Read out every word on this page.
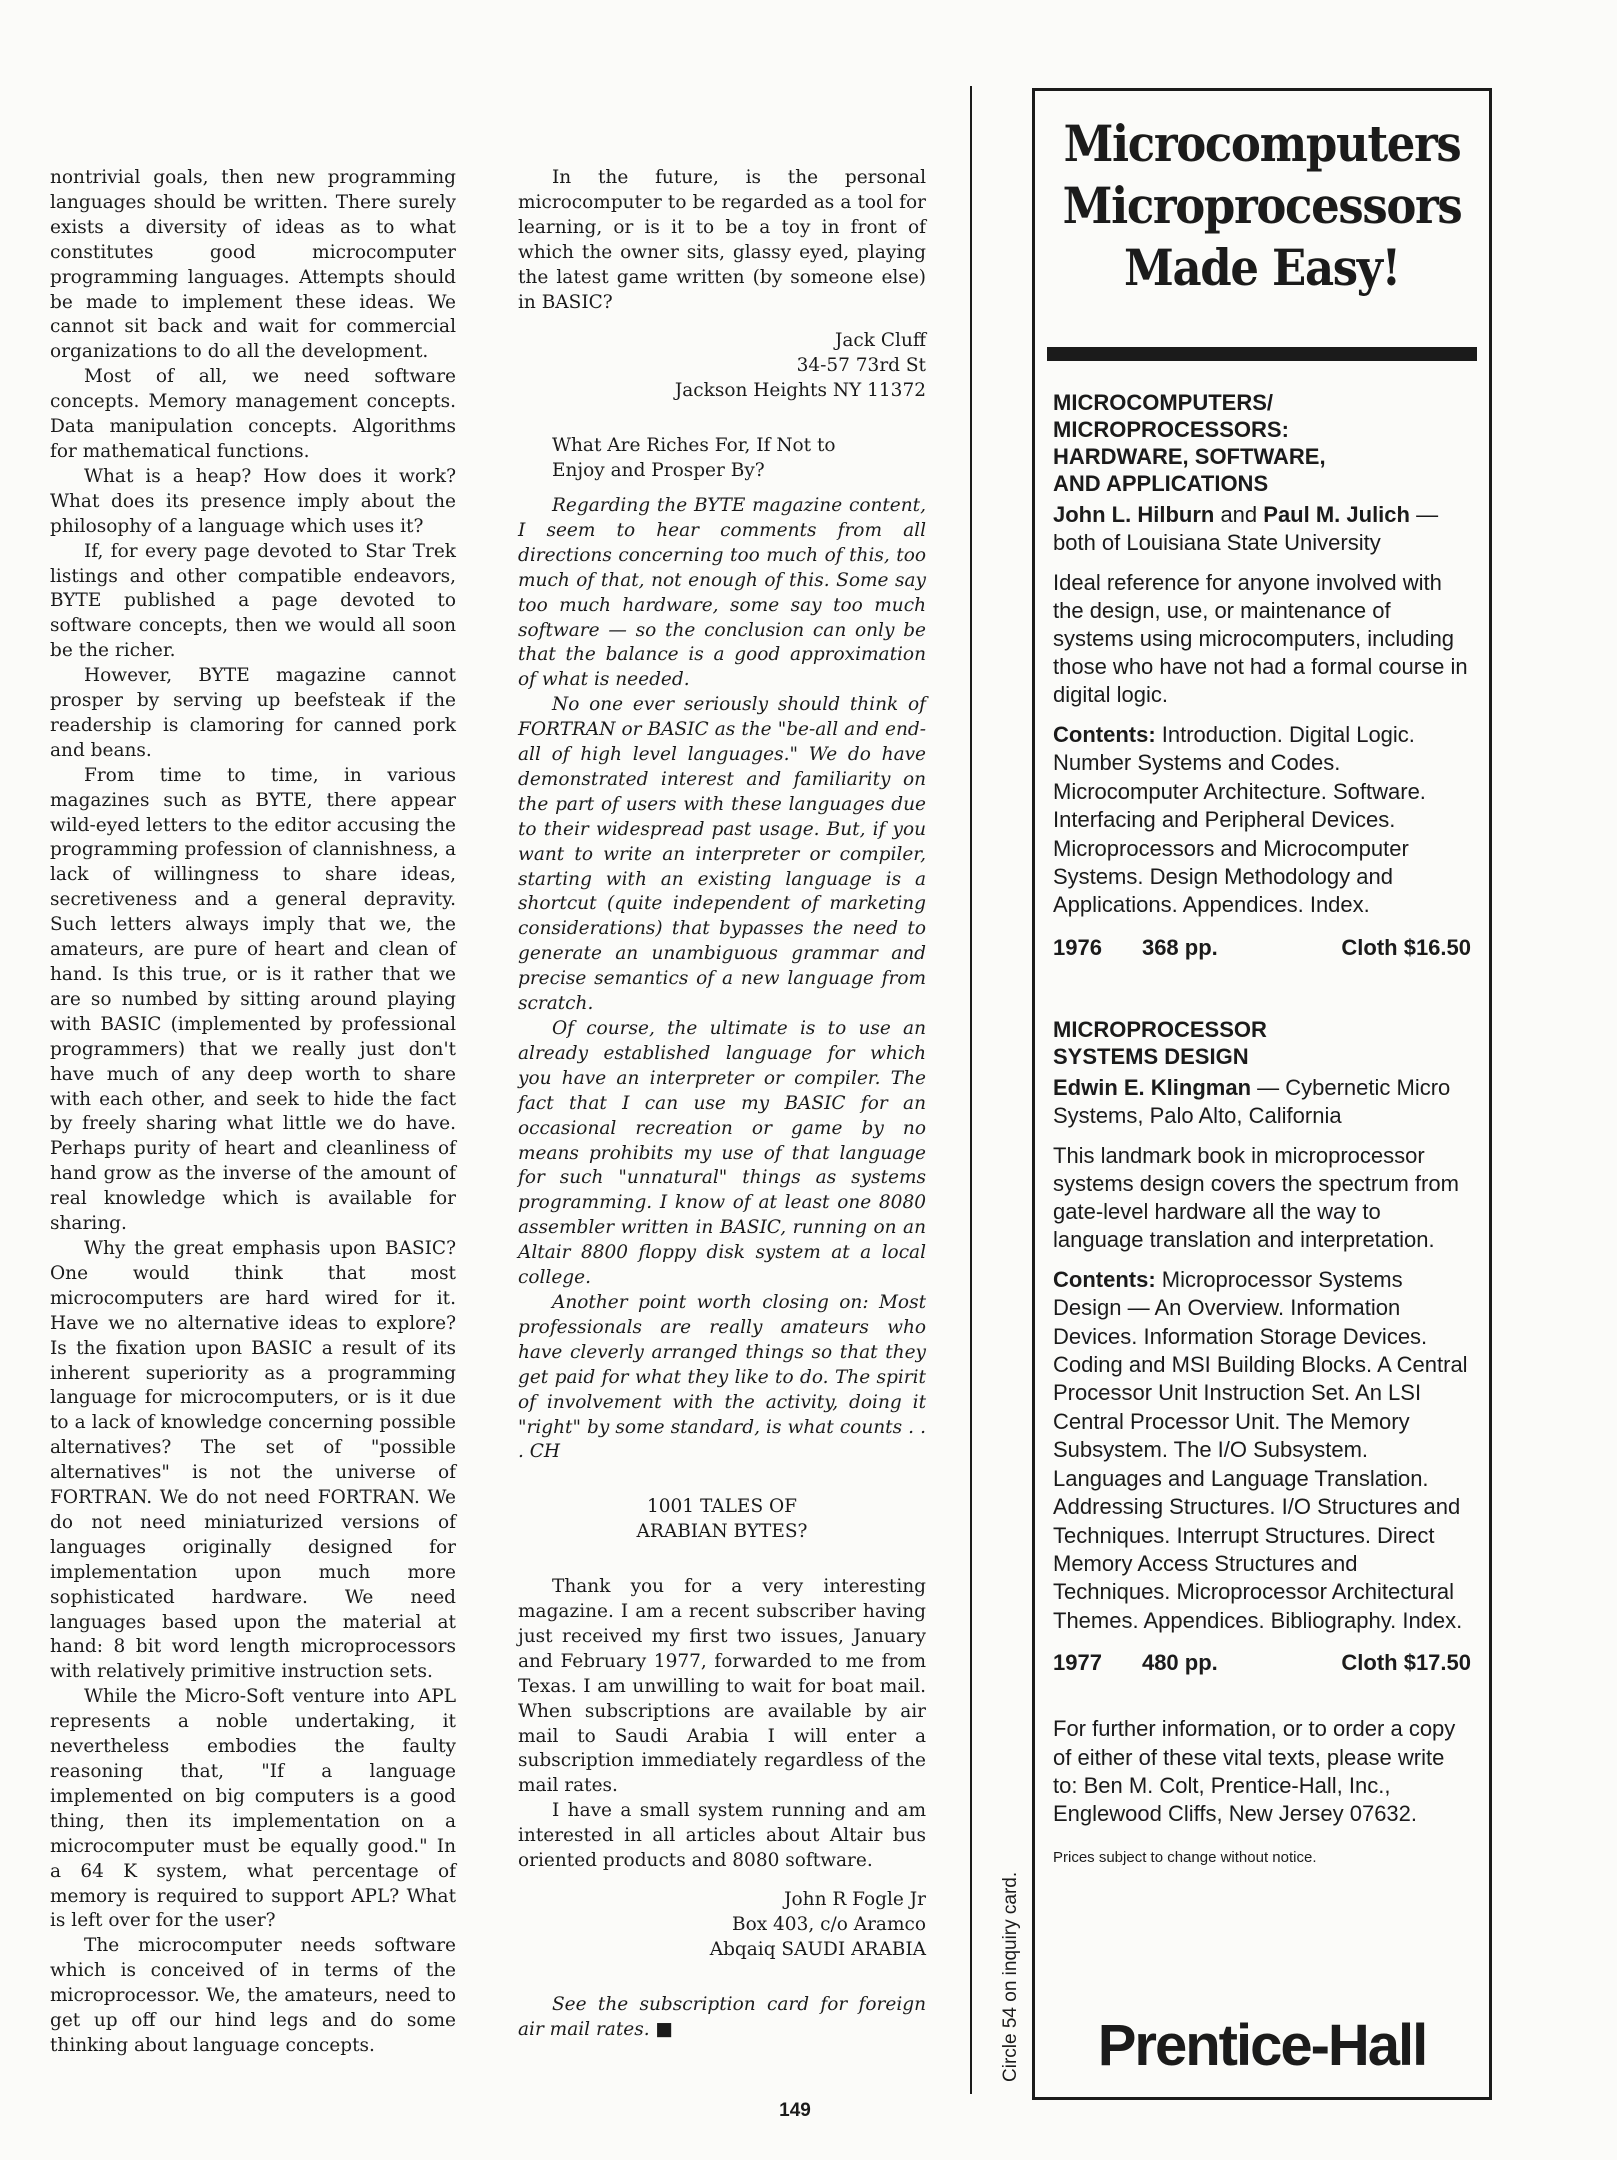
nontrivial goals, then new programming languages should be written. There surely exists a diversity of ideas as to what constitutes good microcomputer programming languages. Attempts should be made to implement these ideas. We cannot sit back and wait for commercial organizations to do all the development.

Most of all, we need software concepts. Memory management concepts. Data manipulation concepts. Algorithms for mathematical functions.

What is a heap? How does it work? What does its presence imply about the philosophy of a language which uses it?

If, for every page devoted to Star Trek listings and other compatible endeavors, BYTE published a page devoted to software concepts, then we would all soon be the richer.

However, BYTE magazine cannot prosper by serving up beefsteak if the readership is clamoring for canned pork and beans.

From time to time, in various magazines such as BYTE, there appear wild-eyed letters to the editor accusing the programming profession of clannishness, a lack of willingness to share ideas, secretiveness and a general depravity. Such letters always imply that we, the amateurs, are pure of heart and clean of hand. Is this true, or is it rather that we are so numbed by sitting around playing with BASIC (implemented by professional programmers) that we really just don't have much of any deep worth to share with each other, and seek to hide the fact by freely sharing what little we do have. Perhaps purity of heart and cleanliness of hand grow as the inverse of the amount of real knowledge which is available for sharing.

Why the great emphasis upon BASIC? One would think that most microcomputers are hard wired for it. Have we no alternative ideas to explore? Is the fixation upon BASIC a result of its inherent superiority as a programming language for microcomputers, or is it due to a lack of knowledge concerning possible alternatives? The set of "possible alternatives" is not the universe of FORTRAN. We do not need FORTRAN. We do not need miniaturized versions of languages originally designed for implementation upon much more sophisticated hardware. We need languages based upon the material at hand: 8 bit word length microprocessors with relatively primitive instruction sets.

While the Micro-Soft venture into APL represents a noble undertaking, it nevertheless embodies the faulty reasoning that, "If a language implemented on big computers is a good thing, then its implementation on a microcomputer must be equally good." In a 64 K system, what percentage of memory is required to support APL? What is left over for the user?

The microcomputer needs software which is conceived of in terms of the microprocessor. We, the amateurs, need to get up off our hind legs and do some thinking about language concepts.

In the future, is the personal microcomputer to be regarded as a tool for learning, or is it to be a toy in front of which the owner sits, glassy eyed, playing the latest game written (by someone else) in BASIC?

Jack Cluff

34-57 73rd St

Jackson Heights NY 11372

What Are Riches For, If Not to

Enjoy and Prosper By?

Regarding the BYTE magazine content, I seem to hear comments from all directions concerning too much of this, too much of that, not enough of this. Some say too much hardware, some say too much software — so the conclusion can only be that the balance is a good approximation of what is needed.

No one ever seriously should think of FORTRAN or BASIC as the "be-all and end-all of high level languages." We do have demonstrated interest and familiarity on the part of users with these languages due to their widespread past usage. But, if you want to write an interpreter or compiler, starting with an existing language is a shortcut (quite independent of marketing considerations) that bypasses the need to generate an unambiguous grammar and precise semantics of a new language from scratch.

Of course, the ultimate is to use an already established language for which you have an interpreter or compiler. The fact that I can use my BASIC for an occasional recreation or game by no means prohibits my use of that language for such "unnatural" things as systems programming. I know of at least one 8080 assembler written in BASIC, running on an Altair 8800 floppy disk system at a local college.

Another point worth closing on: Most professionals are really amateurs who have cleverly arranged things so that they get paid for what they like to do. The spirit of involvement with the activity, doing it "right" by some standard, is what counts . . . CH

1001 TALES OF

ARABIAN BYTES?

Thank you for a very interesting magazine. I am a recent subscriber having just received my first two issues, January and February 1977, forwarded to me from Texas. I am unwilling to wait for boat mail. When subscriptions are available by air mail to Saudi Arabia I will enter a subscription immediately regardless of the mail rates.

I have a small system running and am interested in all articles about Altair bus oriented products and 8080 software.

John R Fogle Jr

Box 403, c/o Aramco

Abqaiq SAUDI ARABIA

See the subscription card for foreign air mail rates. ■	Circle 54 on inquiry card.
Microcomputers
Microprocessors
Made Easy!
MICROCOMPUTERS/
MICROPROCESSORS:
HARDWARE, SOFTWARE,
AND APPLICATIONS

John L. Hilburn and Paul M. Julich — both of Louisiana State University

Ideal reference for anyone involved with the design, use, or maintenance of systems using microcomputers, including those who have not had a formal course in digital logic.

Contents: Introduction. Digital Logic. Number Systems and Codes. Microcomputer Architecture. Software. Interfacing and Peripheral Devices. Microprocessors and Microcomputer Systems. Design Methodology and Applications. Appendices. Index.

1976 368 pp.	Cloth $16.50
MICROPROCESSOR
SYSTEMS DESIGN

Edwin E. Klingman — Cybernetic Micro Systems, Palo Alto, California

This landmark book in microprocessor systems design covers the spectrum from gate-level hardware all the way to language translation and interpretation.

Contents: Microprocessor Systems Design — An Overview. Information Devices. Information Storage Devices. Coding and MSI Building Blocks. A Central Processor Unit Instruction Set. An LSI Central Processor Unit. The Memory Subsystem. The I/O Subsystem. Languages and Language Translation. Addressing Structures. I/O Structures and Techniques. Interrupt Structures. Direct Memory Access Structures and Techniques. Microprocessor Architectural Themes. Appendices. Bibliography. Index.

1977 480 pp.	Cloth $17.50

For further information, or to order a copy of either of these vital texts, please write to: Ben M. Colt, Prentice-Hall, Inc., Englewood Cliffs, New Jersey 07632.

Prices subject to change without notice.

Prentice-Hall
149
